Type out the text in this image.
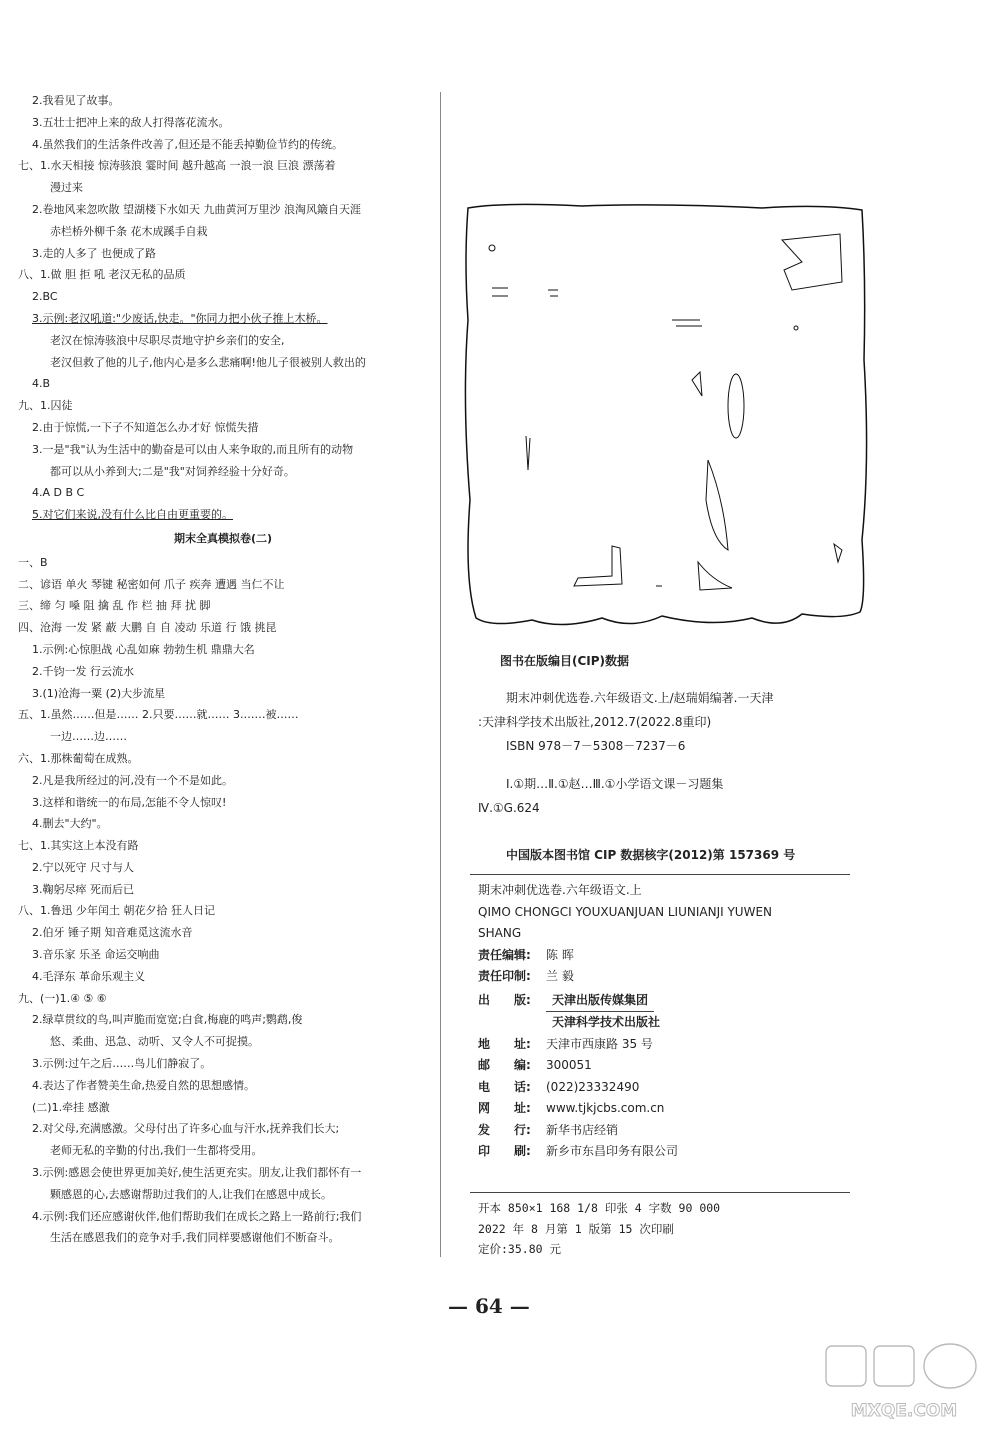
2.我看见了故事。
3.五壮士把冲上来的敌人打得落花流水。
4.虽然我们的生活条件改善了,但还是不能丢掉勤俭节约的传统。
七、1.水天相接 惊涛骇浪 霎时间 越升越高 一浪一浪 巨浪 漂荡着
漫过来
2.卷地风来忽吹散 望湖楼下水如天 九曲黄河万里沙 浪淘风簸自天涯
赤栏桥外柳千条 花木成蹊手自栽
3.走的人多了 也便成了路
八、1.做 胆 拒 吼 老汉无私的品质
2.BC
3.示例:老汉吼道:"少废话,快走。"你同力把小伙子推上木桥。
老汉在惊涛骇浪中尽职尽责地守护乡亲们的安全,
老汉但救了他的儿子,他内心是多么悲痛啊!他儿子很被别人救出的
4.B
九、1.囚徒
2.由于惊慌,一下子不知道怎么办才好 惊慌失措
3.一是"我"认为生活中的勤奋是可以由人来争取的,而且所有的动物
都可以从小养到大;二是"我"对饲养经验十分好奇。
4.A D B C
5.对它们来说,没有什么比自由更重要的。
期末全真模拟卷(二)
一、B
二、谚语 单火 琴键 秘密如何 爪子 疾奔 遭遇 当仁不让
三、缔 匀 嗓 阻 擒 乱 作 栏 抽 拜 扰 脚
四、沧海 一发 紧 蔽 大鹏 自 自 凌动 乐道 行 饿 挑昆
1.示例:心惊胆战 心乱如麻 勃勃生机 鼎鼎大名
2.千钧一发 行云流水
3.(1)沧海一粟 (2)大步流星
五、1.虽然……但是…… 2.只要……就…… 3.……被……
一边……边……
六、1.那株葡萄在成熟。
2.凡是我所经过的河,没有一个不是如此。
3.这样和谐统一的布局,怎能不令人惊叹!
4.删去"大约"。
七、1.其实这上本没有路
2.宁以死守 尺寸与人
3.鞠躬尽瘁 死而后已
八、1.鲁迅 少年闰土 朝花夕拾 狂人日记
2.伯牙 锤子期 知音难觅这流水音
3.音乐家 乐圣 命运交响曲
4.毛泽东 革命乐观主义
九、(一)1.④ ⑤ ⑥
2.绿草贯纹的鸟,叫声脆而宽宽;白食,梅鹿的鸣声;鹦鹉,俊
悠、柔曲、迅急、动听、又令人不可捉摸。
3.示例:过午之后……鸟儿们静寂了。
4.表达了作者赞美生命,热爱自然的思想感情。
(二)1.牵挂 感激
2.对父母,充满感激。父母付出了许多心血与汗水,抚养我们长大;
老师无私的辛勤的付出,我们一生都将受用。
3.示例:感恩会使世界更加美好,使生活更充实。朋友,让我们都怀有一
颗感恩的心,去感谢帮助过我们的人,让我们在感恩中成长。
4.示例:我们还应感谢伙伴,他们帮助我们在成长之路上一路前行;我们
生活在感恩我们的竞争对手,我们同样要感谢他们不断奋斗。
图书在版编目(CIP)数据
期末冲刺优选卷.六年级语文.上/赵瑞娟编著.一天津
:天津科学技术出版社,2012.7(2022.8重印)
ISBN 978－7－5308－7237－6
Ⅰ.①期…Ⅱ.①赵…Ⅲ.①小学语文课－习题集
Ⅳ.①G.624
中国版本图书馆 CIP 数据核字(2012)第 157369 号
期末冲刺优选卷.六年级语文.上
QIMO CHONGCI YOUXUANJUAN LIUNIANJI YUWEN
SHANG
责任编辑:	陈 晖
责任印制:	兰 毅
出　　版:	天津出版传媒集团
天津科学技术出版社
地　　址:	天津市西康路 35 号
邮　　编:	300051
电　　话:	(022)23332490
网　　址:	www.tjkjcbs.com.cn
发　　行:	新华书店经销
印　　刷:	新乡市东昌印务有限公司
开本 850×1 168 1/8 印张 4 字数 90 000
2022 年 8 月第 1 版第 15 次印刷
定价:35.80 元
— 64 —
MXQE.COM
